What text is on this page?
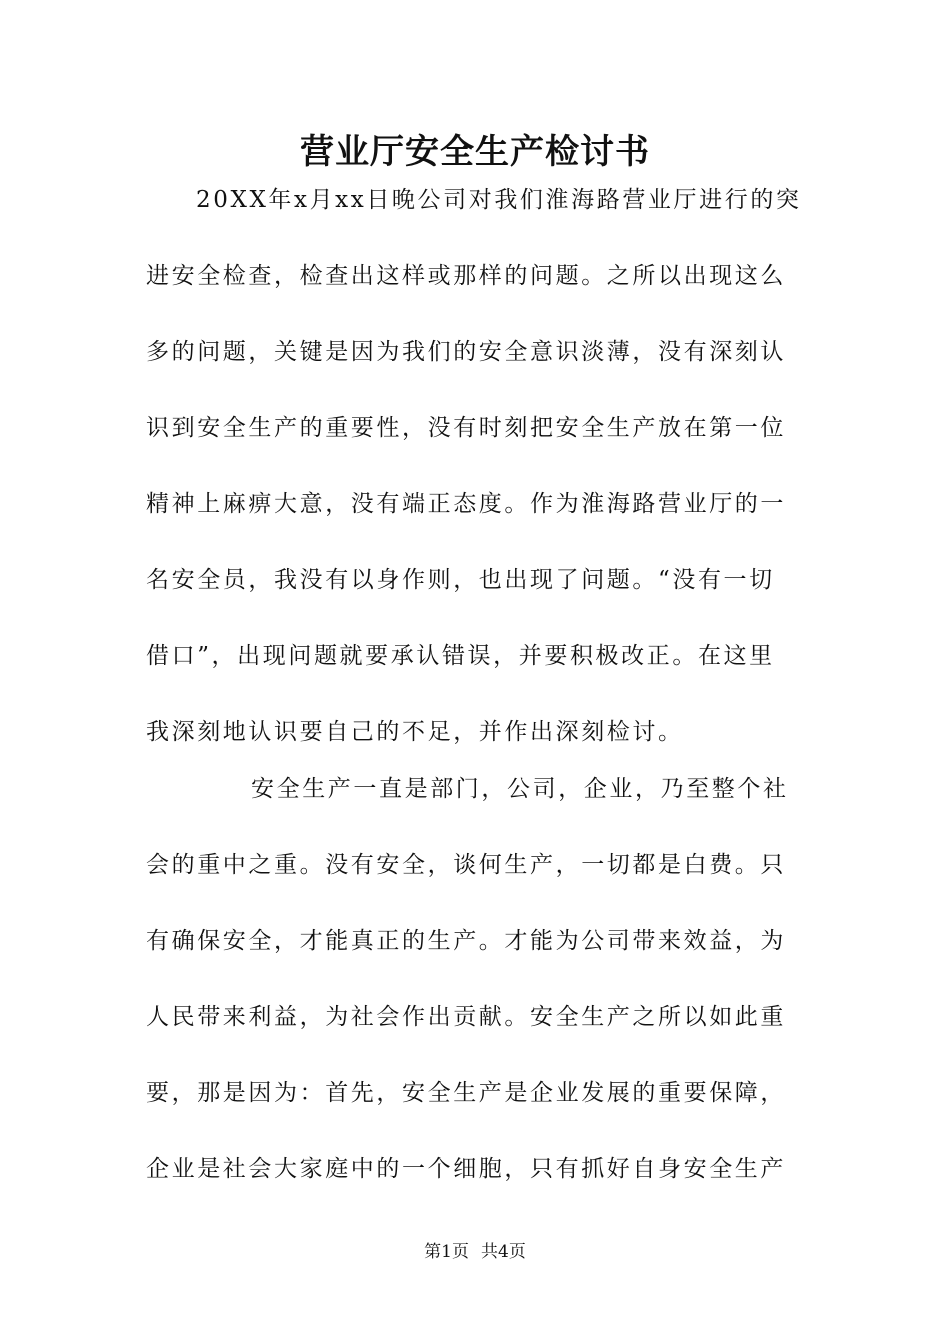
营业厅安全生产检讨书
20XX年x月xx日晚公司对我们淮海路营业厅进行的突
进安全检查，检查出这样或那样的问题。之所以出现这么
多的问题，关键是因为我们的安全意识淡薄，没有深刻认
识到安全生产的重要性，没有时刻把安全生产放在第一位
精神上麻痹大意，没有端正态度。作为淮海路营业厅的一
名安全员，我没有以身作则，也出现了问题。“没有一切
借口”，出现问题就要承认错误，并要积极改正。在这里
我深刻地认识要自己的不足，并作出深刻检讨。
安全生产一直是部门，公司，企业，乃至整个社
会的重中之重。没有安全，谈何生产，一切都是白费。只
有确保安全，才能真正的生产。才能为公司带来效益，为
人民带来利益，为社会作出贡献。安全生产之所以如此重
要，那是因为：首先，安全生产是企业发展的重要保障，
企业是社会大家庭中的一个细胞，只有抓好自身安全生产
第1页 共4页
